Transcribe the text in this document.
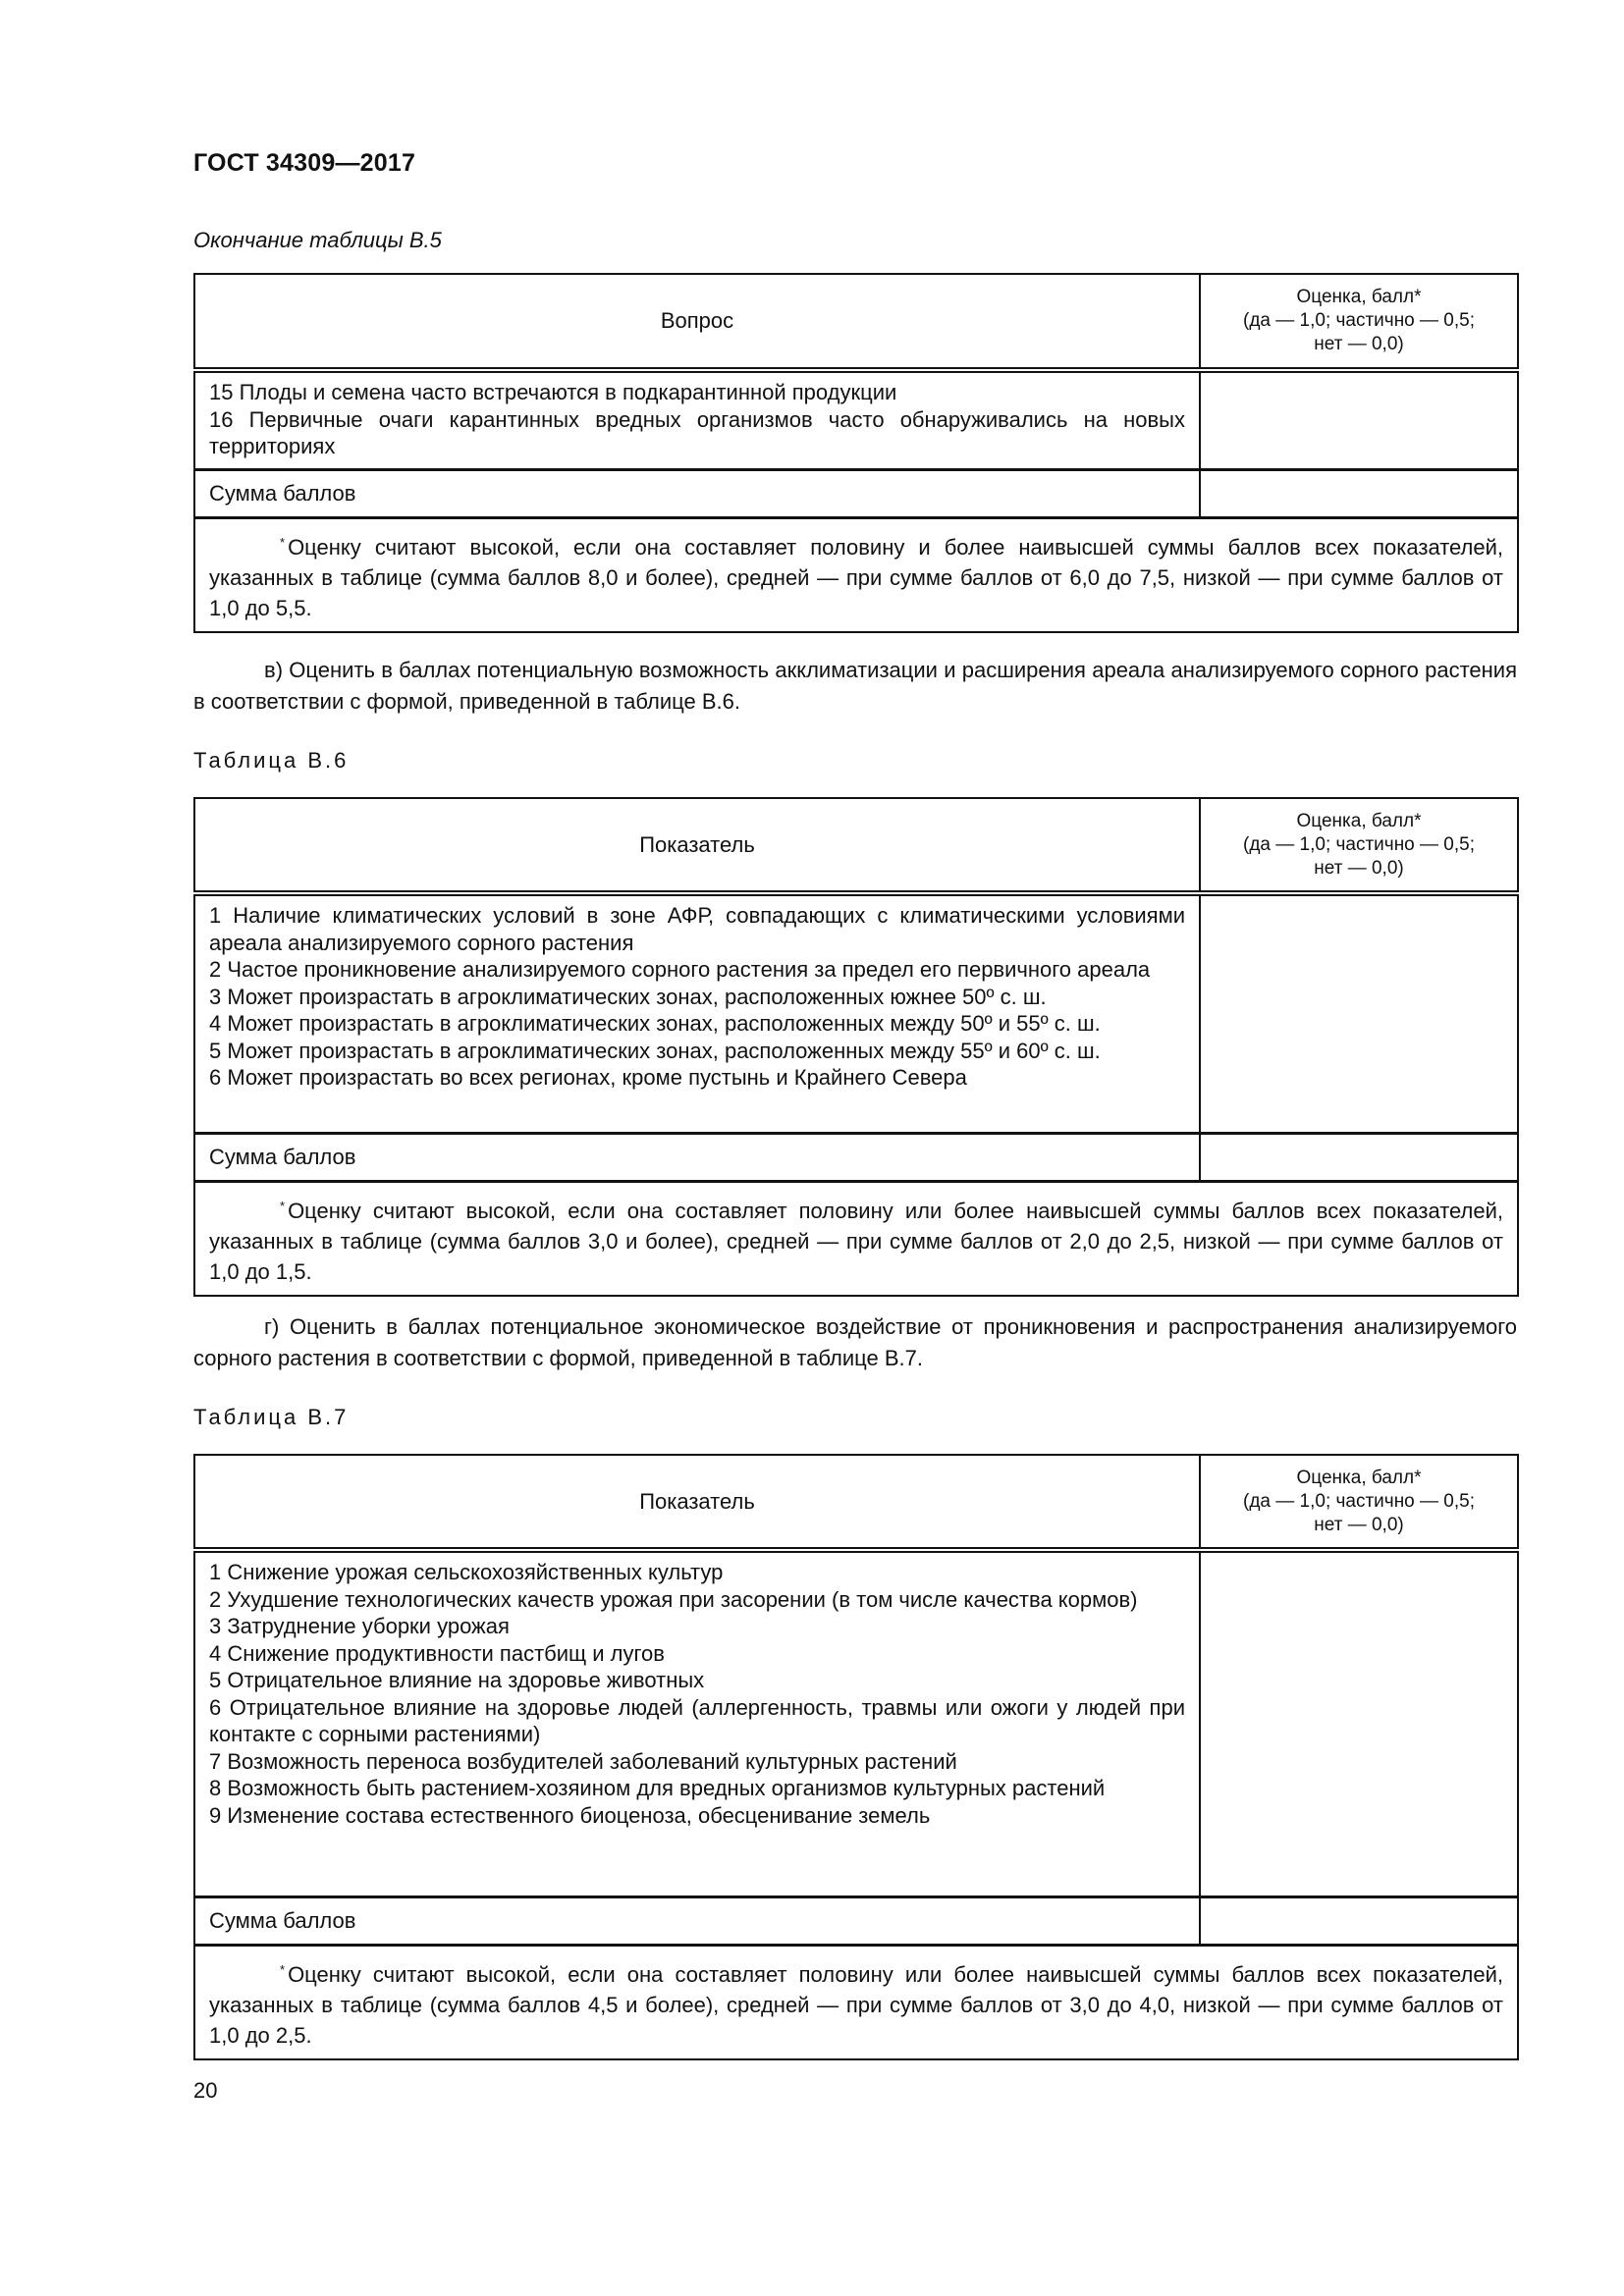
ГОСТ 34309—2017
Окончание таблицы В.5
Вопрос	Оценка, балл*
(да — 1,0; частично — 0,5;
нет — 0,0)

15 Плоды и семена часто встречаются в подкарантинной продукции
16 Первичные очаги карантинных вредных организмов часто обнаруживались на новых территориях	

Сумма баллов	
* Оценку считают высокой, если она составляет половину и более наивысшей суммы баллов всех показателей, указанных в таблице (сумма баллов 8,0 и более), средней — при сумме баллов от 6,0 до 7,5, низкой — при сумме баллов от 1,0 до 5,5.	
в) Оценить в баллах потенциальную возможность акклиматизации и расширения ареала анализируемого сорного растения в соответствии с формой, приведенной в таблице В.6.
Таблица В.6
Показатель	Оценка, балл*
(да — 1,0; частично — 0,5;
нет — 0,0)

1 Наличие климатических условий в зоне АФР, совпадающих с климатическими условиями ареала анализируемого сорного растения
2 Частое проникновение анализируемого сорного растения за предел его первичного ареала
3 Может произрастать в агроклиматических зонах, расположенных южнее 50º с. ш.
4 Может произрастать в агроклиматических зонах, расположенных между 50º и 55º с. ш.
5 Может произрастать в агроклиматических зонах, расположенных между 55º и 60º с. ш.
6 Может произрастать во всех регионах, кроме пустынь и Крайнего Севера

Сумма баллов	
* Оценку считают высокой, если она составляет половину или более наивысшей суммы баллов всех показателей, указанных в таблице (сумма баллов 3,0 и более), средней — при сумме баллов от 2,0 до 2,5, низкой — при сумме баллов от 1,0 до 1,5.	
г) Оценить в баллах потенциальное экономическое воздействие от проникновения и распространения анализируемого сорного растения в соответствии с формой, приведенной в таблице В.7.
Таблица В.7
Показатель	Оценка, балл*
(да — 1,0; частично — 0,5;
нет — 0,0)

1 Снижение урожая сельскохозяйственных культур
2 Ухудшение технологических качеств урожая при засорении (в том числе качества кормов)
3 Затруднение уборки урожая
4 Снижение продуктивности пастбищ и лугов
5 Отрицательное влияние на здоровье животных
6 Отрицательное влияние на здоровье людей (аллергенность, травмы или ожоги у людей при контакте с сорными растениями)
7 Возможность переноса возбудителей заболеваний культурных растений
8 Возможность быть растением-хозяином для вредных организмов культурных растений
9 Изменение состава естественного биоценоза, обесценивание земель

Сумма баллов	
* Оценку считают высокой, если она составляет половину или более наивысшей суммы баллов всех показателей, указанных в таблице (сумма баллов 4,5 и более), средней — при сумме баллов от 3,0 до 4,0, низкой — при сумме баллов от 1,0 до 2,5.	
20
